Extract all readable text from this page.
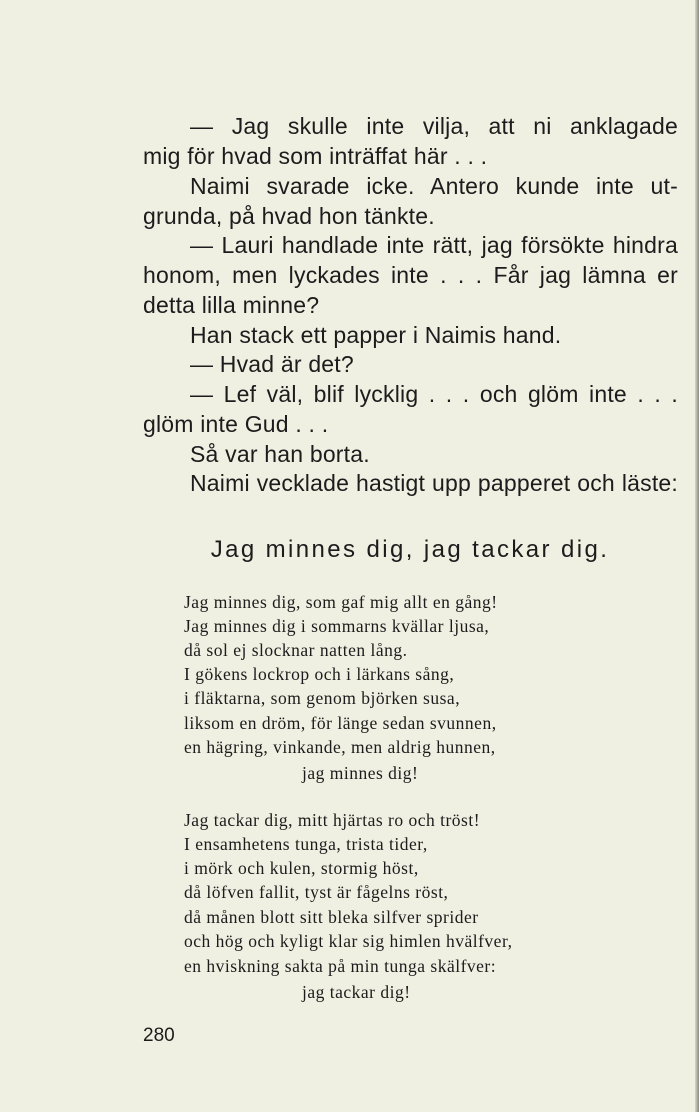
— Jag skulle inte vilja, att ni anklagade
mig för hvad som inträffat här . . .
Naimi svarade icke. Antero kunde inte ut-
grunda, på hvad hon tänkte.
— Lauri handlade inte rätt, jag försökte hindra
honom, men lyckades inte . . . Får jag lämna er
detta lilla minne?
Han stack ett papper i Naimis hand.
— Hvad är det?
— Lef väl, blif lycklig . . . och glöm inte . . .
glöm inte Gud . . .
Så var han borta.
Naimi vecklade hastigt upp papperet och läste:
Jag minnes dig, jag tackar dig.
Jag minnes dig, som gaf mig allt en gång!
Jag minnes dig i sommarns kvällar ljusa,
då sol ej slocknar natten lång.
I gökens lockrop och i lärkans sång,
i fläktarna, som genom björken susa,
liksom en dröm, för länge sedan svunnen,
en hägring, vinkande, men aldrig hunnen,
jag minnes dig!
Jag tackar dig, mitt hjärtas ro och tröst!
I ensamhetens tunga, trista tider,
i mörk och kulen, stormig höst,
då löfven fallit, tyst är fågelns röst,
då månen blott sitt bleka silfver sprider
och hög och kyligt klar sig himlen hvälfver,
en hviskning sakta på min tunga skälfver:
jag tackar dig!
280
